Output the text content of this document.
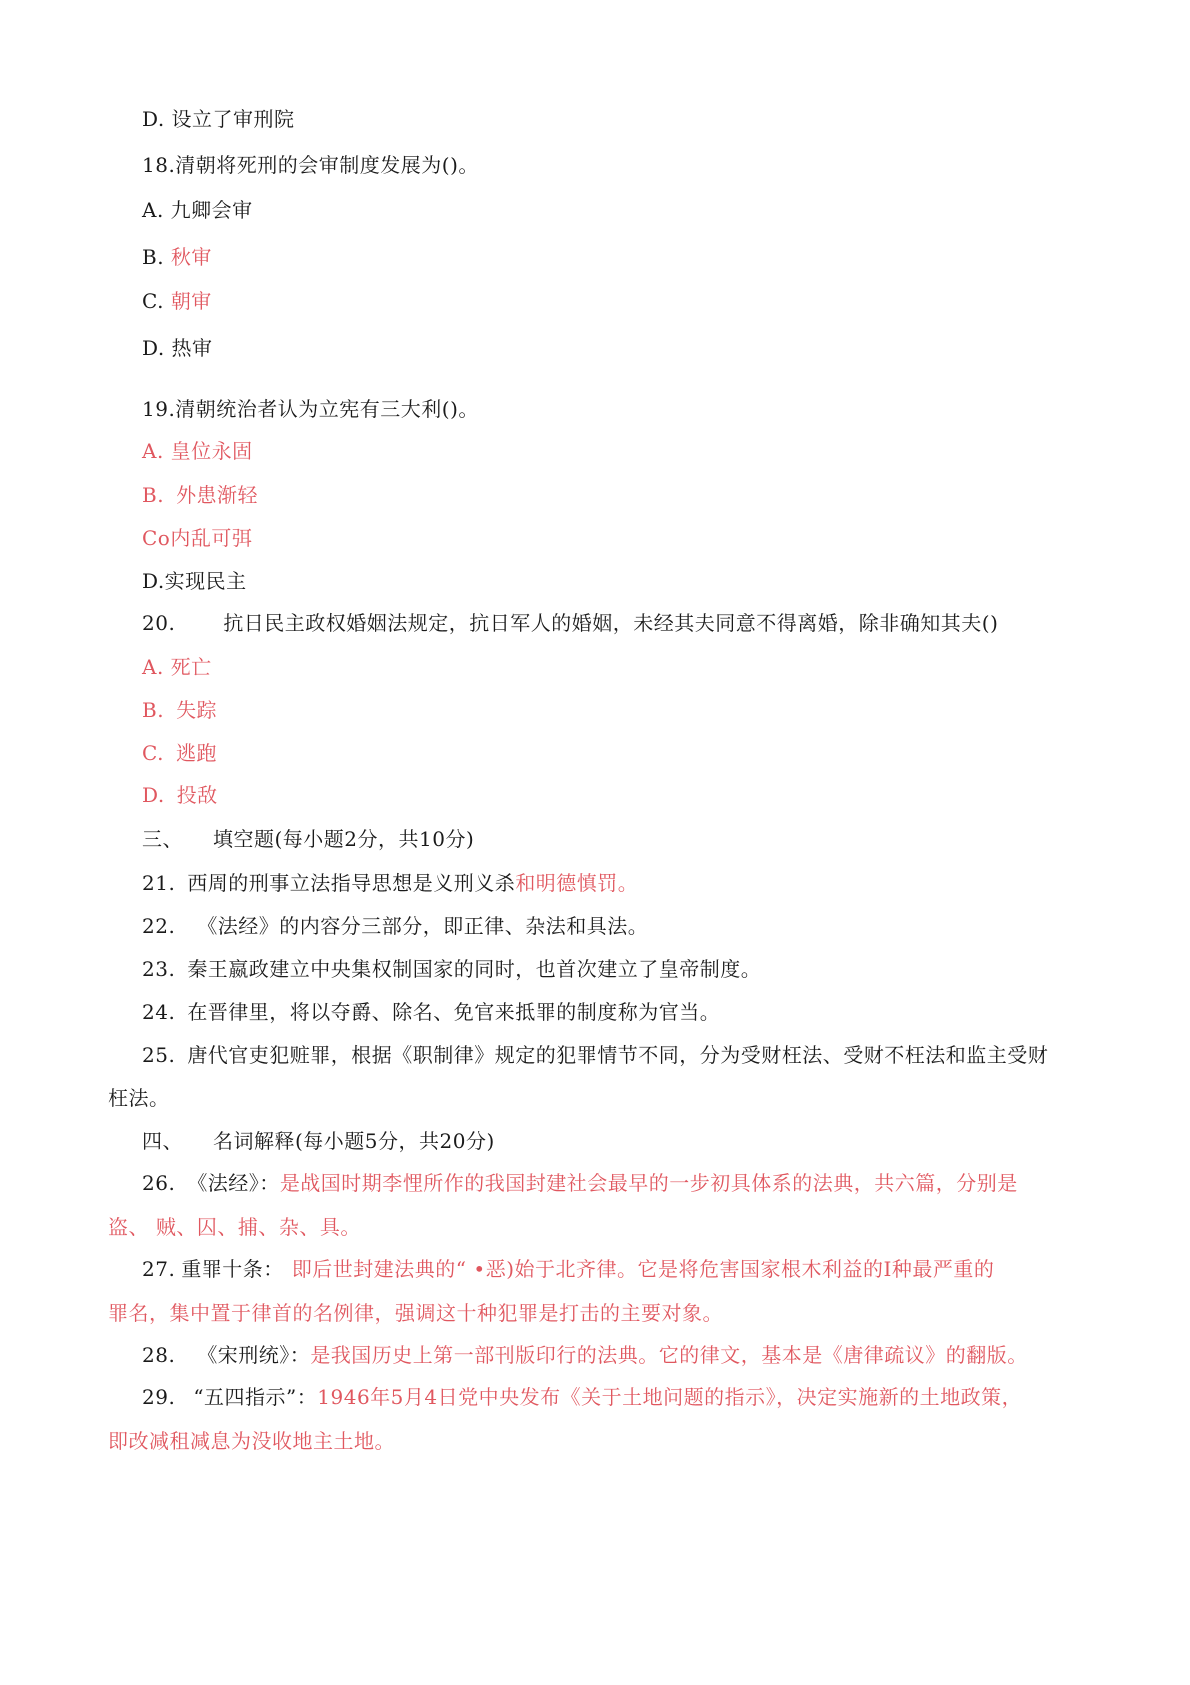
D. 设立了审刑院
18.清朝将死刑的会审制度发展为()。
A. 九卿会审
B. 秋审
C. 朝审
D. 热审
19.清朝统治者认为立宪有三大利()。
A. 皇位永固
B. 外患渐轻
Co内乱可弭
D.实现民主
20. 抗日民主政权婚姻法规定，抗日军人的婚姻，未经其夫同意不得离婚，除非确知其夫()
A. 死亡
B. 失踪
C. 逃跑
D. 投敌
三、 填空题(每小题2分，共10分)
21. 西周的刑事立法指导思想是义刑义杀和明德慎罚。
22. 《法经》的内容分三部分，即正律、杂法和具法。
23. 秦王嬴政建立中央集权制国家的同时，也首次建立了皇帝制度。
24. 在晋律里，将以夺爵、除名、免官来抵罪的制度称为官当。
25. 唐代官吏犯赃罪，根据《职制律》规定的犯罪情节不同，分为受财枉法、受财不枉法和监主受财
枉法。
四、 名词解释(每小题5分，共20分)
26. 《法经》：是战国时期李悝所作的我国封建社会最早的一步初具体系的法典，共六篇，分别是
盗、 贼、囚、捕、杂、具。
27. 重罪十条： 即后世封建法典的“ •恶)始于北齐律。它是将危害国家根木利益的I种最严重的
罪名，集中置于律首的名例律，强调这十种犯罪是打击的主要对象。
28. 《宋刑统》：是我国历史上第一部刊版印行的法典。它的律文，基本是《唐律疏议》的翻版。
29. “五四指示”：1946年5月4日党中央发布《关于土地问题的指示》，决定实施新的土地政策，
即改减租减息为没收地主土地。
